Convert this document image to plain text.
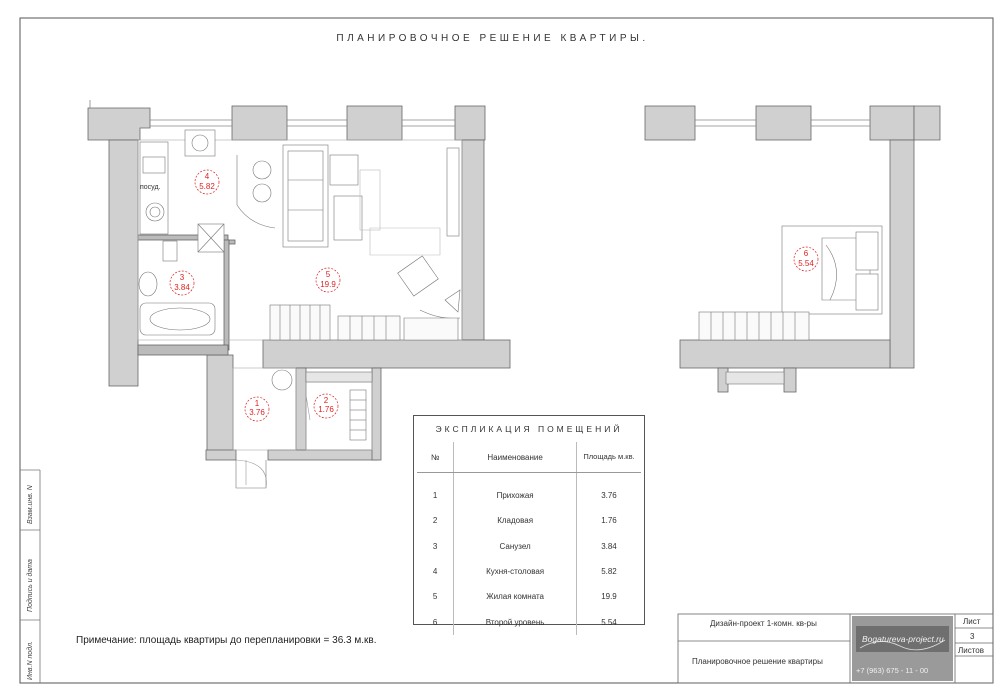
посуд.
1
3.76
2
1.76
3
3.84
4
5.82
5
19.9
6
5.54
ПЛАНИРОВОЧНОЕ РЕШЕНИЕ КВАРТИРЫ.
ЭКСПЛИКАЦИЯ ПОМЕЩЕНИЙ
№	Наименование	Площадь м.кв.

1	Прихожая	3.76
2	Кладовая	1.76
3	Санузел	3.84
4	Кухня-столовая	5.82
5	Жилая комната	19.9
6	Второй уровень	5.54
Примечание: площадь квартиры до перепланировки = 36.3 м.кв.
Дизайн-проект 1-комн. кв-ры
Планировочное решение квартиры
Лист
3
Листов
Bogatureva-project.ru
+7 (963) 675 - 11 - 00
Инв.N подл.
Подпись и дата
Взам.инв. N
